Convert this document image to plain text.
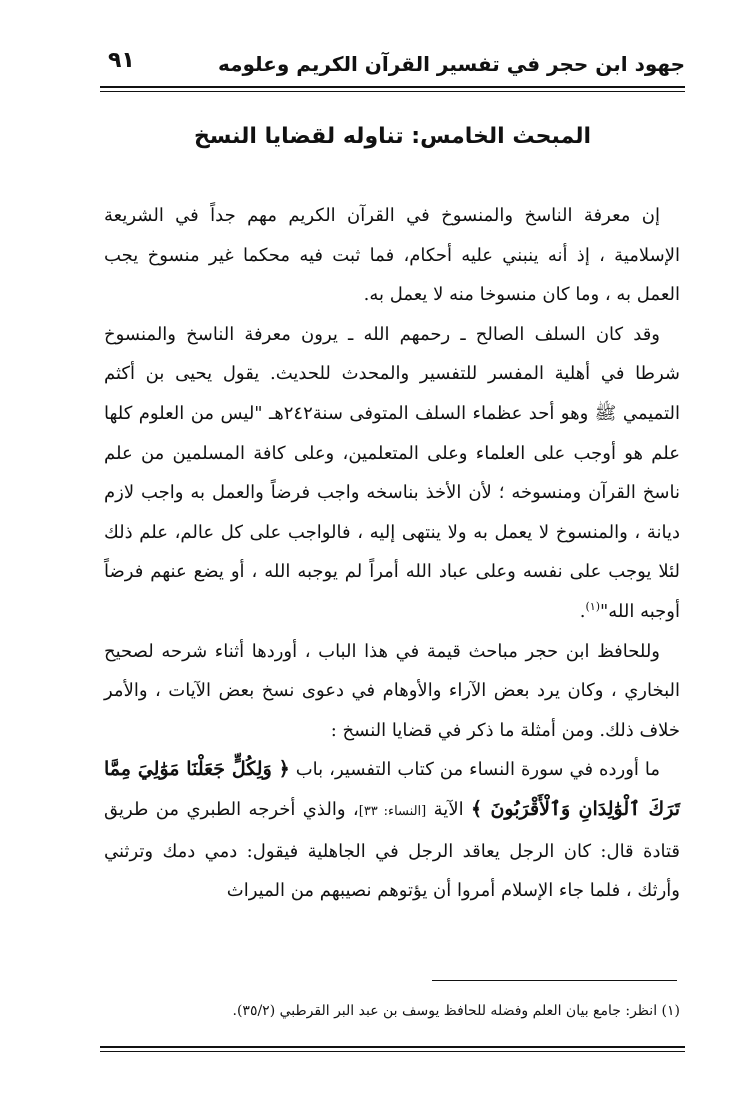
جهود ابن حجر في تفسير القرآن الكريم وعلومه
٩١
المبحث الخامس: تناوله لقضايا النسخ

إن معرفة الناسخ والمنسوخ في القرآن الكريم مهم جداً في الشريعة الإسلامية ، إذ أنه ينبني عليه أحكام، فما ثبت فيه محكما غير منسوخ يجب العمل به ، وما كان منسوخا منه لا يعمل به.

وقد كان السلف الصالح ـ رحمهم الله ـ يرون معرفة الناسخ والمنسوخ شرطا في أهلية المفسر للتفسير والمحدث للحديث. يقول يحيى بن أكثم التميمي ﷺ وهو أحد عظماء السلف المتوفى سنة٢٤٢هـ "ليس من العلوم كلها علم هو أوجب على العلماء وعلى المتعلمين، وعلى كافة المسلمين من علم ناسخ القرآن ومنسوخه ؛ لأن الأخذ بناسخه واجب فرضاً والعمل به واجب لازم ديانة ، والمنسوخ لا يعمل به ولا ينتهى إليه ، فالواجب على كل عالم، علم ذلك لئلا يوجب على نفسه وعلى عباد الله أمراً لم يوجبه الله ، أو يضع عنهم فرضاً أوجبه الله"$^{(١)}$.

وللحافظ ابن حجر مباحث قيمة في هذا الباب ، أوردها أثناء شرحه لصحيح البخاري ، وكان يرد بعض الآراء والأوهام في دعوى نسخ بعض الآيات ، والأمر خلاف ذلك. ومن أمثلة ما ذكر في قضايا النسخ :

ما أورده في سورة النساء من كتاب التفسير، باب ﴿ وَلِكُلٍّ جَعَلْنَا مَوَٰلِيَ مِمَّا تَرَكَ ٱلْوَٰلِدَانِ وَٱلْأَقْرَبُونَ ﴾ الآية [النساء: ٣٣]، والذي أخرجه الطبري من طريق قتادة قال: كان الرجل يعاقد الرجل في الجاهلية فيقول: دمي دمك وترثني وأرثك ، فلما جاء الإسلام أمروا أن يؤتوهم نصيبهم من الميراث

(١) انظر: جامع بيان العلم وفضله للحافظ يوسف بن عبد البر القرطبي (٣٥/٢).
